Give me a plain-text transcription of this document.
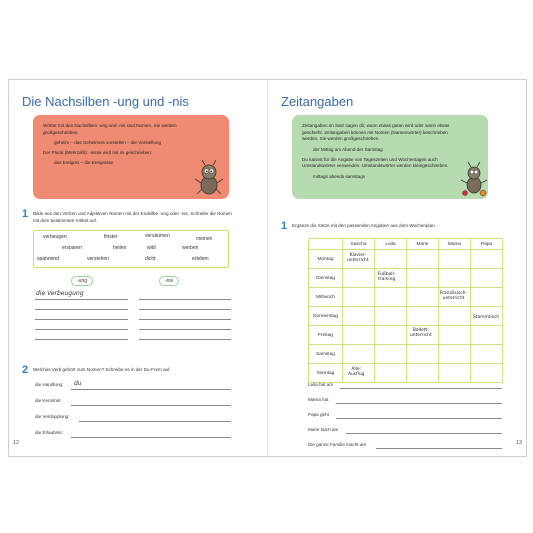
Die Nachsilben -ung und -nis

Wörter mit den Nachsilben -ung und -nis sind Nomen. Sie werden großgeschrieben.

geheim – das Geheimnis vorstellen – die Vorstellung

Der Plural (Mehrzahl): -nisse wird mit ss geschrieben:

das Ereignis – die Ereignisse

1 Bilde aus den Verben und Adjektiven Nomen mit der Endsilbe -ung oder -nis. Schreibe die Nomen mit dem bestimmten Artikel auf.
verbeugen	finster	versäumen	meinen
ersparen	heilen	wild	werben
spannend	verstehen	dicht	erleben
-ung	-nis
die Verbeugung
2 Welches Verb gehört zum Nomen? Schreibe es in der Du-Form auf.
die Handlung: du
die Kenntnis:
die Verdopplung:
die Erlaubnis:
12
Zeitangaben

Zeitangaben im Satz sagen dir, wann etwas getan wird oder wann etwas geschieht. Zeitangaben können mit Nomen (Namenwörter) beschrieben werden. Sie werden großgeschrieben.

der Mittag am Abend der Samstag

Du kannst für die Angabe von Tageszeiten und Wochentagen auch Umstandswörter verwenden. Umstandswörter werden kleingeschrieben.

mittags abends samstags

1 Ergänze die Sätze mit den passenden Angaben aus dem Wochenplan.
	Sascha	Leila	Marie	Mama	Papa
Montag	Klavier-
unterricht				

Dienstag		Fußball-
training			

Mittwoch				Französisch-
unterricht	

Donnerstag					Stammtisch

Freitag			Ballett-
unterricht		

Samstag					
Sonntag	Alle:
Ausflug				

Leila hat am
Mama hat
Papa geht
Marie tanzt am
Die ganze Familie macht am	13
